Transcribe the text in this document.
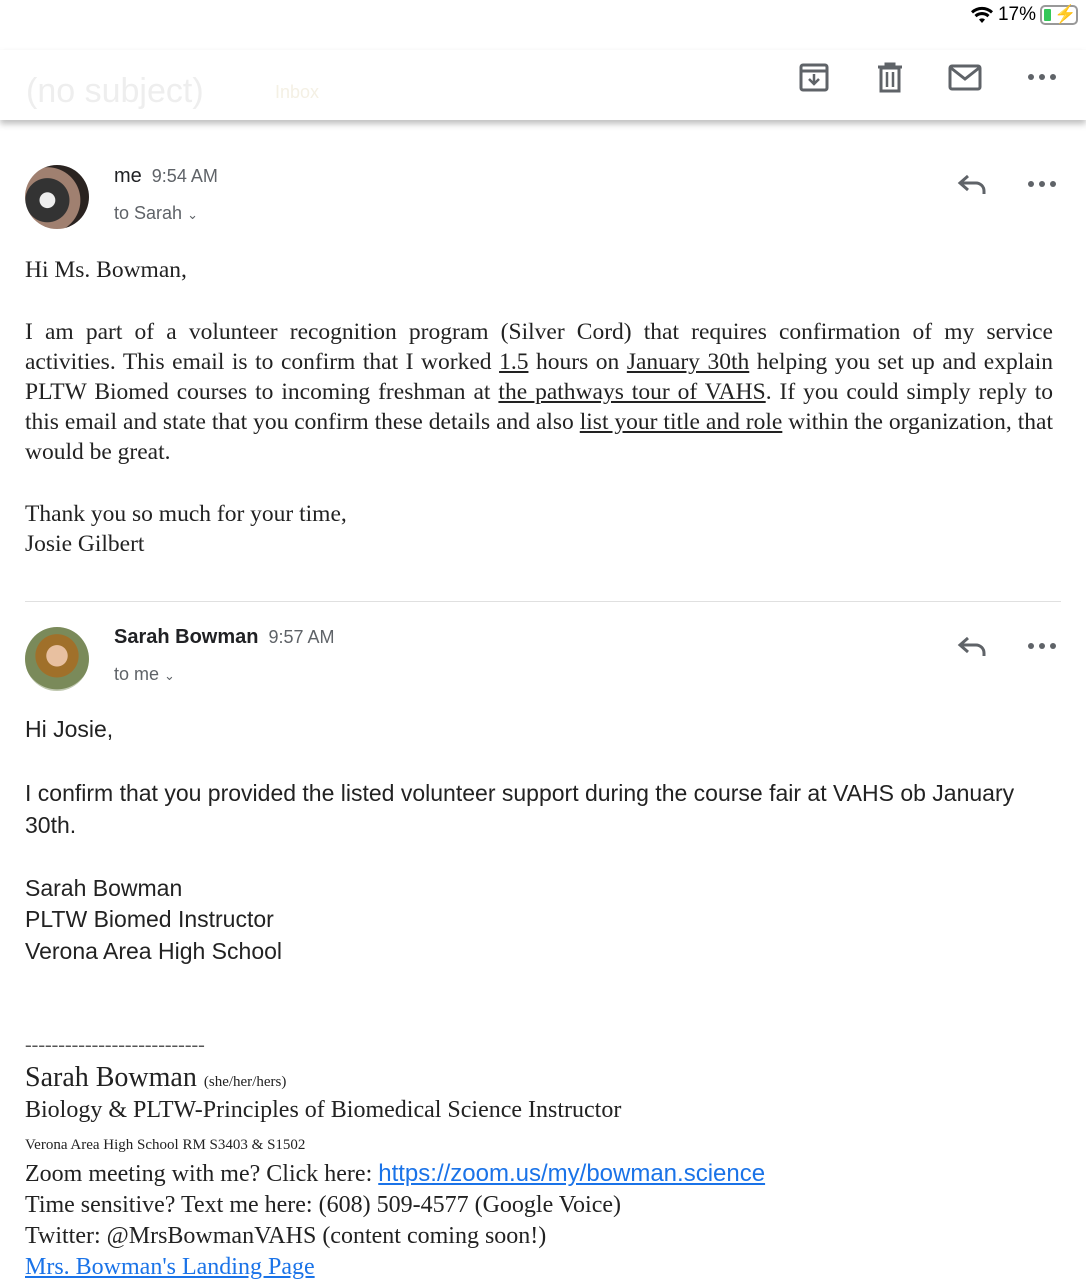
17% ⚡
(no subject)	Inbox
me 9:54 AM
to Sarah ⌄
Hi Ms. Bowman,
I am part of a volunteer recognition program (Silver Cord) that requires confirmation of my service activities. This email is to confirm that I worked 1.5 hours on January 30th helping you set up and explain PLTW Biomed courses to incoming freshman at the pathways tour of VAHS. If you could simply reply to this email and state that you confirm these details and also list your title and role within the organization, that would be great.
Thank you so much for your time,
Josie Gilbert
Sarah Bowman 9:57 AM
to me ⌄
Hi Josie,
I confirm that you provided the listed volunteer support during the course fair at VAHS ob January 30th.
Sarah Bowman
PLTW Biomed Instructor
Verona Area High School
---------------------------
Sarah Bowman (she/her/hers)
Biology & PLTW-Principles of Biomedical Science Instructor
Verona Area High School RM S3403 & S1502
Zoom meeting with me? Click here: https://zoom.us/my/bowman.science
Time sensitive? Text me here: (608) 509-4577 (Google Voice)
Twitter: @MrsBowmanVAHS (content coming soon!)
Mrs. Bowman's Landing Page
